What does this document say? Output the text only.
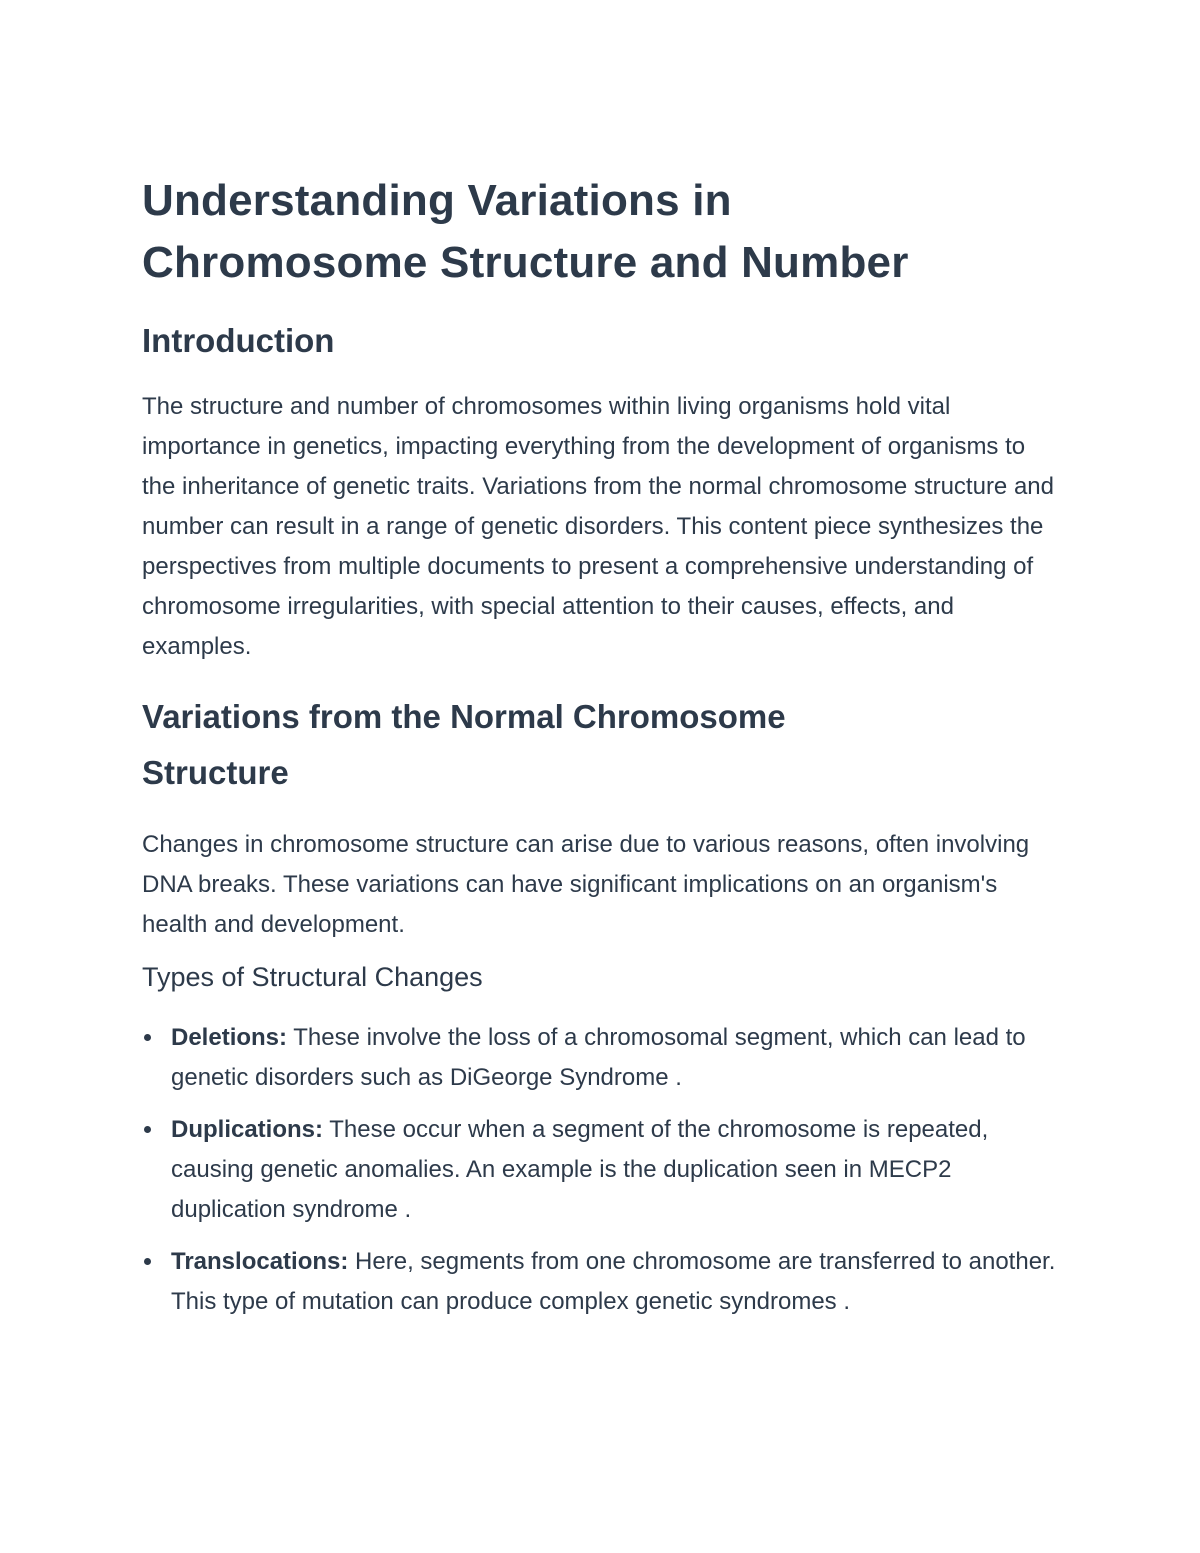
Understanding Variations in
Chromosome Structure and Number
Introduction

The structure and number of chromosomes within living organisms hold vital importance in genetics, impacting everything from the development of organisms to the inheritance of genetic traits. Variations from the normal chromosome structure and number can result in a range of genetic disorders. This content piece synthesizes the perspectives from multiple documents to present a comprehensive understanding of chromosome irregularities, with special attention to their causes, effects, and examples.

Variations from the Normal Chromosome
Structure

Changes in chromosome structure can arise due to various reasons, often involving DNA breaks. These variations can have significant implications on an organism's health and development.

Types of Structural Changes
Deletions: These involve the loss of a chromosomal segment, which can lead to genetic disorders such as DiGeorge Syndrome .
Duplications: These occur when a segment of the chromosome is repeated, causing genetic anomalies. An example is the duplication seen in MECP2 duplication syndrome .
Translocations: Here, segments from one chromosome are transferred to another. This type of mutation can produce complex genetic syndromes .
